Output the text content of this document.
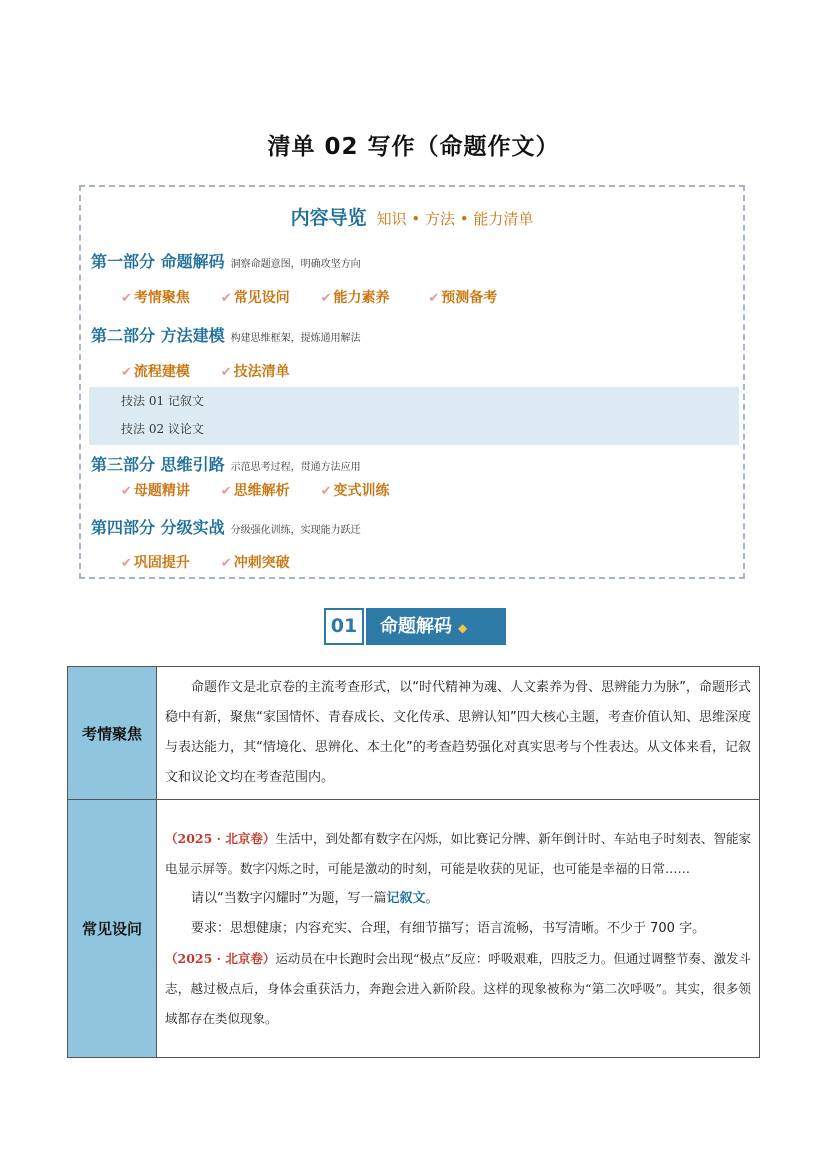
清单 02 写作（命题作文）
内容导览 知识 • 方法 • 能力清单
第一部分 命题解码 洞察命题意图，明确攻坚方向
✔ 考情聚焦 ✔ 常见设问 ✔ 能力素养	✔ 预测备考
第二部分 方法建模 构建思维框架，提炼通用解法
✔ 流程建模 ✔ 技法清单
技法 01 记叙文
技法 02 议论文
第三部分 思维引路 示范思考过程，贯通方法应用
✔ 母题精讲 ✔ 思维解析 ✔ 变式训练
第四部分 分级实战 分级强化训练，实现能力跃迁
✔ 巩固提升 ✔ 冲刺突破
01	命题解码 ◆
考情聚焦	命题作文是北京卷的主流考查形式，以“时代精神为魂、人文素养为骨、思辨能力为脉”，命题形式稳中有新，聚焦“家国情怀、青春成长、文化传承、思辨认知”四大核心主题，考查价值认知、思维深度与表达能力，其“情境化、思辨化、本土化”的考查趋势强化对真实思考与个性表达。从文体来看，记叙文和议论文均在考查范围内。
常见设问	（2025 · 北京卷）生活中，到处都有数字在闪烁，如比赛记分牌、新年倒计时、车站电子时刻表、智能家电显示屏等。数字闪烁之时，可能是激动的时刻，可能是收获的见证，也可能是幸福的日常……
请以“当数字闪耀时”为题，写一篇记叙文。
要求：思想健康；内容充实、合理，有细节描写；语言流畅，书写清晰。不少于 700 字。
（2025 · 北京卷）运动员在中长跑时会出现“极点”反应：呼吸艰难，四肢乏力。但通过调整节奏、激发斗志，越过极点后，身体会重获活力，奔跑会进入新阶段。这样的现象被称为“第二次呼吸”。其实，很多领域都存在类似现象。
